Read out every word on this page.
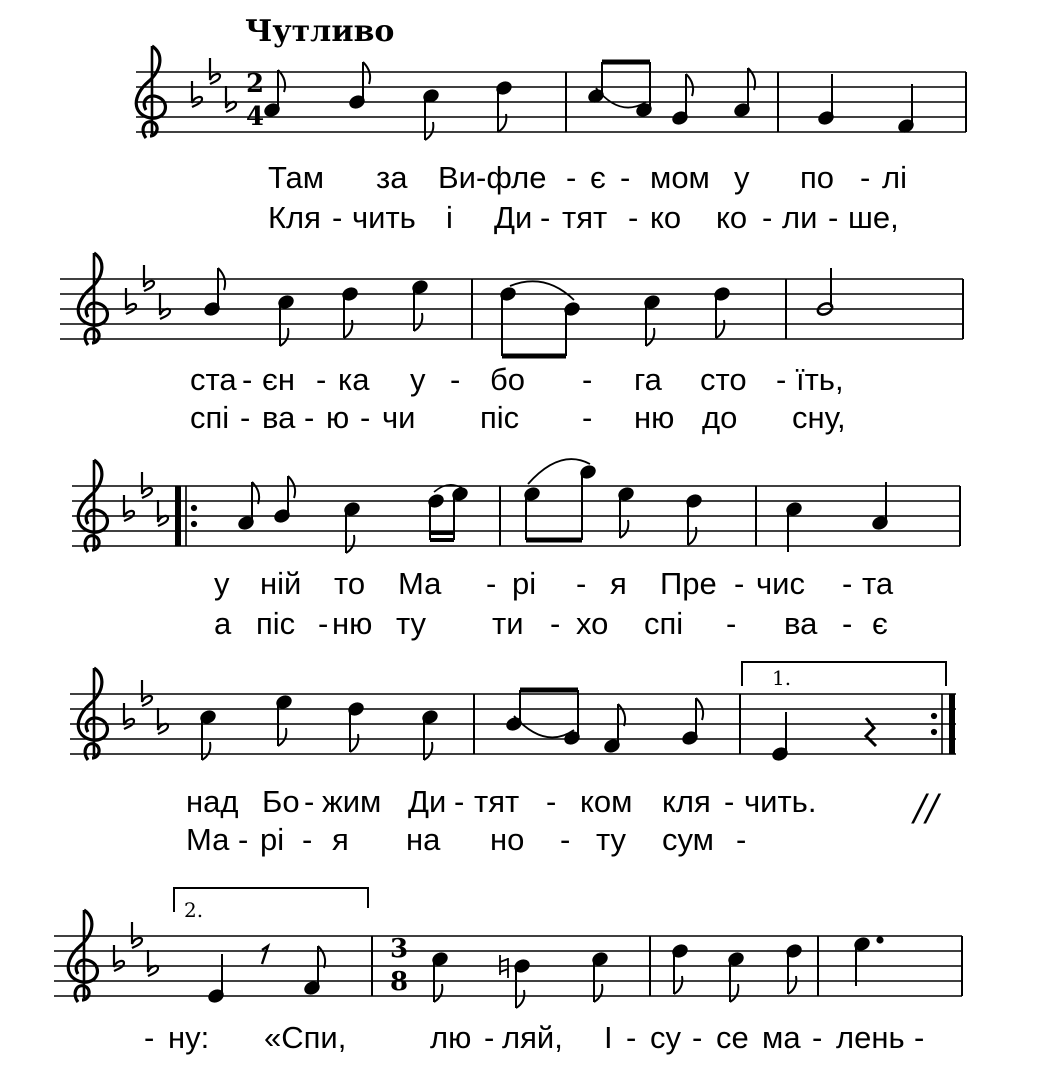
Чутливо
2
4
3
8
1.
2.
Там за Ви-фле - є - мом у по - лі
Кля - чить і Ди - тят - ко ко - ли - ше,
ста - єн - ка у - бо - га сто - їть,
спі - ва - ю - чи піс - ню до сну,
у ній то Ма - рі - я Пре - чис - та
а піс - ню ту ти - хо спі - ва - є
над Бо - жим Ди - тят - ком кля - чить.	//
Ма - рі - я на но - ту сум -
- ну: «Спи,	лю - ляй, І - су - се ма - лень -
